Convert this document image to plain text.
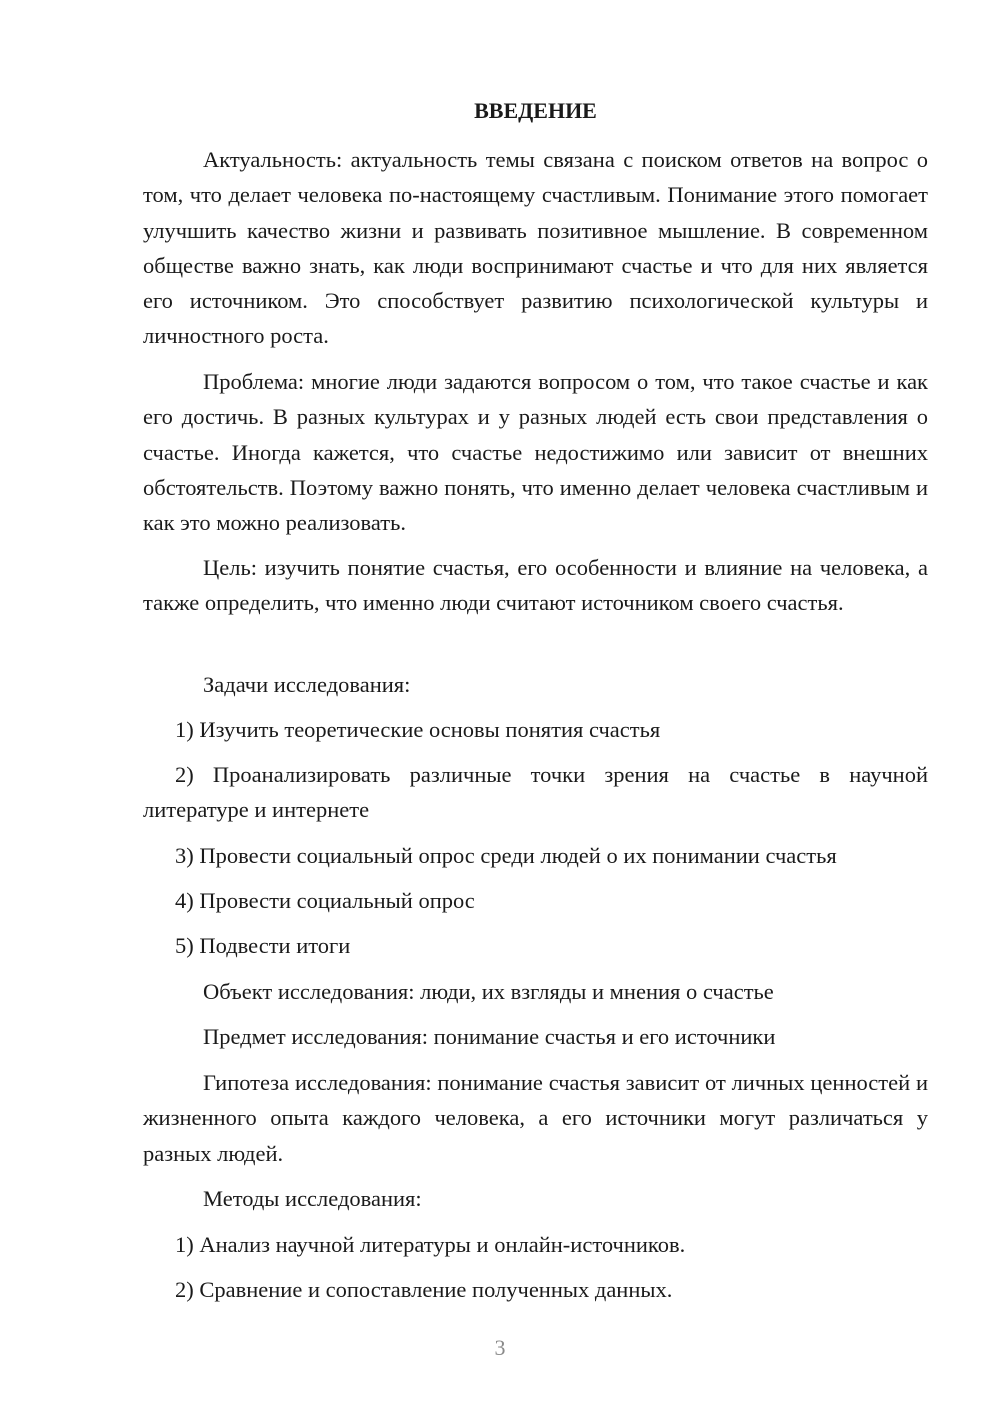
ВВЕДЕНИЕ

Актуальность: актуальность темы связана с поиском ответов на вопрос о том, что делает человека по-настоящему счастливым. Понимание этого помогает улучшить качество жизни и развивать позитивное мышление. В современном обществе важно знать, как люди воспринимают счастье и что для них является его источником. Это способствует развитию психологической культуры и личностного роста.

Проблема: многие люди задаются вопросом о том, что такое счастье и как его достичь. В разных культурах и у разных людей есть свои представления о счастье. Иногда кажется, что счастье недостижимо или зависит от внешних обстоятельств. Поэтому важно понять, что именно делает человека счастливым и как это можно реализовать.

Цель: изучить понятие счастья, его особенности и влияние на человека, а также определить, что именно люди считают источником своего счастья.

Задачи исследования:

1) Изучить теоретические основы понятия счастья

2) Проанализировать различные точки зрения на счастье в научной литературе и интернете

3) Провести социальный опрос среди людей о их понимании счастья

4) Провести социальный опрос

5) Подвести итоги

Объект исследования: люди, их взгляды и мнения о счастье

Предмет исследования: понимание счастья и его источники

Гипотеза исследования: понимание счастья зависит от личных ценностей и жизненного опыта каждого человека, а его источники могут различаться у разных людей.

Методы исследования:

1) Анализ научной литературы и онлайн-источников.

2) Сравнение и сопоставление полученных данных.

3
